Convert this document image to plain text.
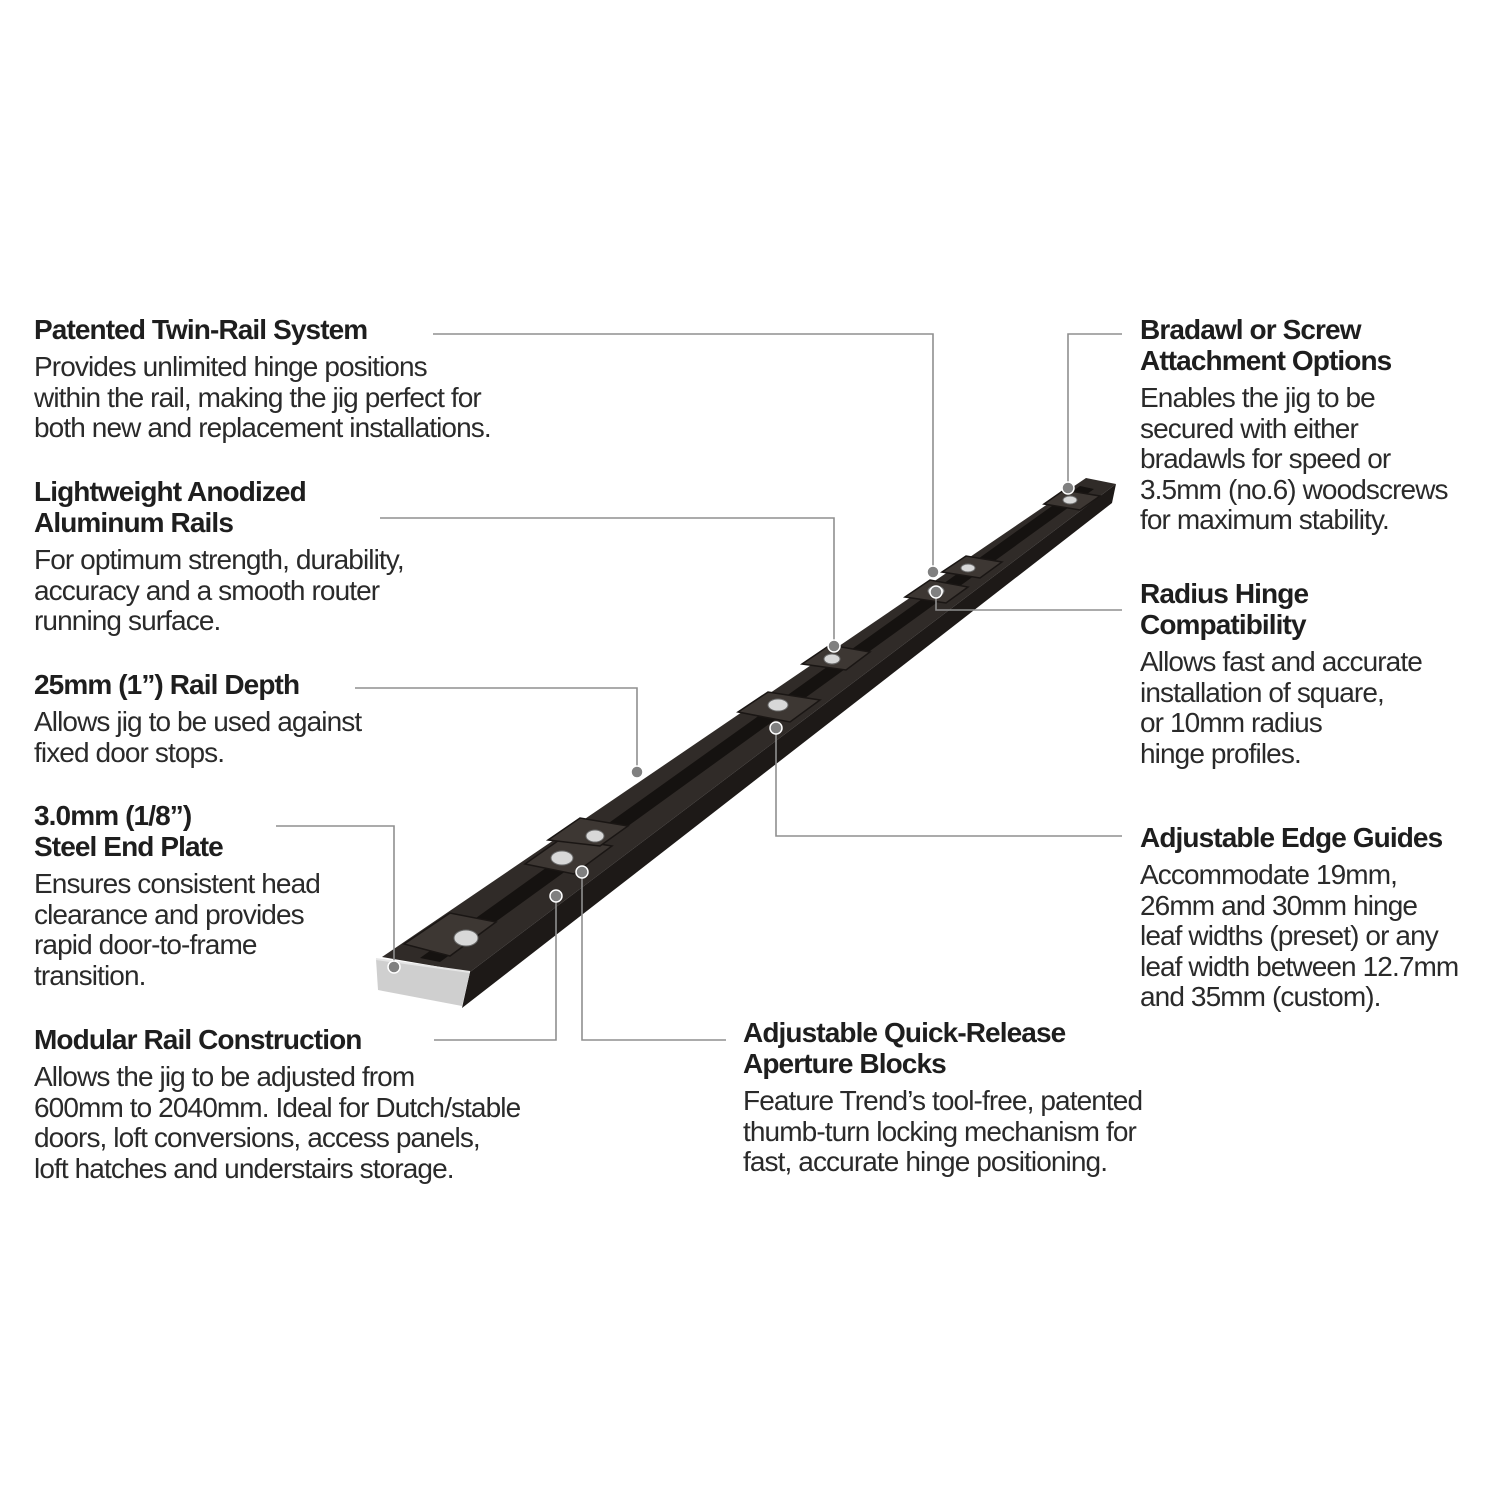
Patented Twin-Rail System

Provides unlimited hinge positions
within the rail, making the jig perfect for
both new and replacement installations.

Lightweight Anodized
Aluminum Rails

For optimum strength, durability,
accuracy and a smooth router
running surface.

25mm (1”) Rail Depth

Allows jig to be used against
fixed door stops.

3.0mm (1/8”)
Steel End Plate

Ensures consistent head
clearance and provides
rapid door-to-frame
transition.

Modular Rail Construction

Allows the jig to be adjusted from
600mm to 2040mm. Ideal for Dutch/stable
doors, loft conversions, access panels,
loft hatches and understairs storage.

Bradawl or Screw
Attachment Options

Enables the jig to be
secured with either
bradawls for speed or
3.5mm (no.6) woodscrews
for maximum stability.

Radius Hinge
Compatibility

Allows fast and accurate
installation of square,
or 10mm radius
hinge profiles.

Adjustable Edge Guides

Accommodate 19mm,
26mm and 30mm hinge
leaf widths (preset) or any
leaf width between 12.7mm
and 35mm (custom).

Adjustable Quick-Release
Aperture Blocks

Feature Trend’s tool-free, patented
thumb-turn locking mechanism for
fast, accurate hinge positioning.
